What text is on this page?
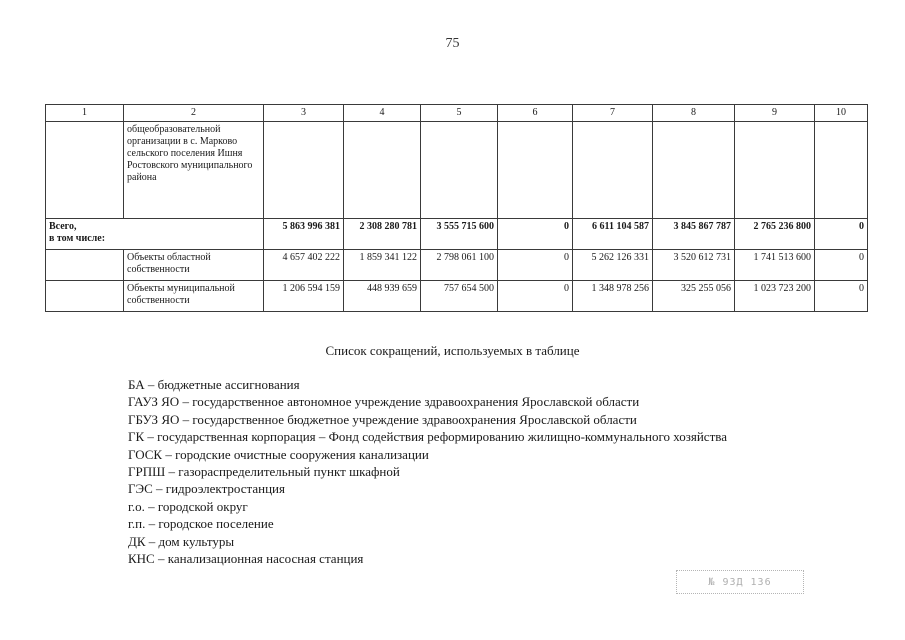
75
1	2	3	4	5	6	7	8	9	10
	общеобразовательной организации в с. Марково сельского поселения Ишня Ростовского муниципального района								

Всего,
в том числе:		5 863 996 381	2 308 280 781	3 555 715 600	0	6 611 104 587	3 845 867 787	2 765 236 800	0
	Объекты областной собственности	4 657 402 222	1 859 341 122	2 798 061 100	0	5 262 126 331	3 520 612 731	1 741 513 600	0
	Объекты муниципальной собственности	1 206 594 159	448 939 659	757 654 500	0	1 348 978 256	325 255 056	1 023 723 200	0
Список сокращений, используемых в таблице
БА – бюджетные ассигнования
ГАУЗ ЯО – государственное автономное учреждение здравоохранения Ярославской области
ГБУЗ ЯО – государственное бюджетное учреждение здравоохранения Ярославской области
ГК – государственная корпорация – Фонд содействия реформированию жилищно-коммунального хозяйства
ГОСК – городские очистные сооружения канализации
ГРПШ – газораспределительный пункт шкафной
ГЭС – гидроэлектростанция
г.о. – городской округ
г.п. – городское поселение
ДК – дом культуры
КНС – канализационная насосная станция
№ 93Д 136
